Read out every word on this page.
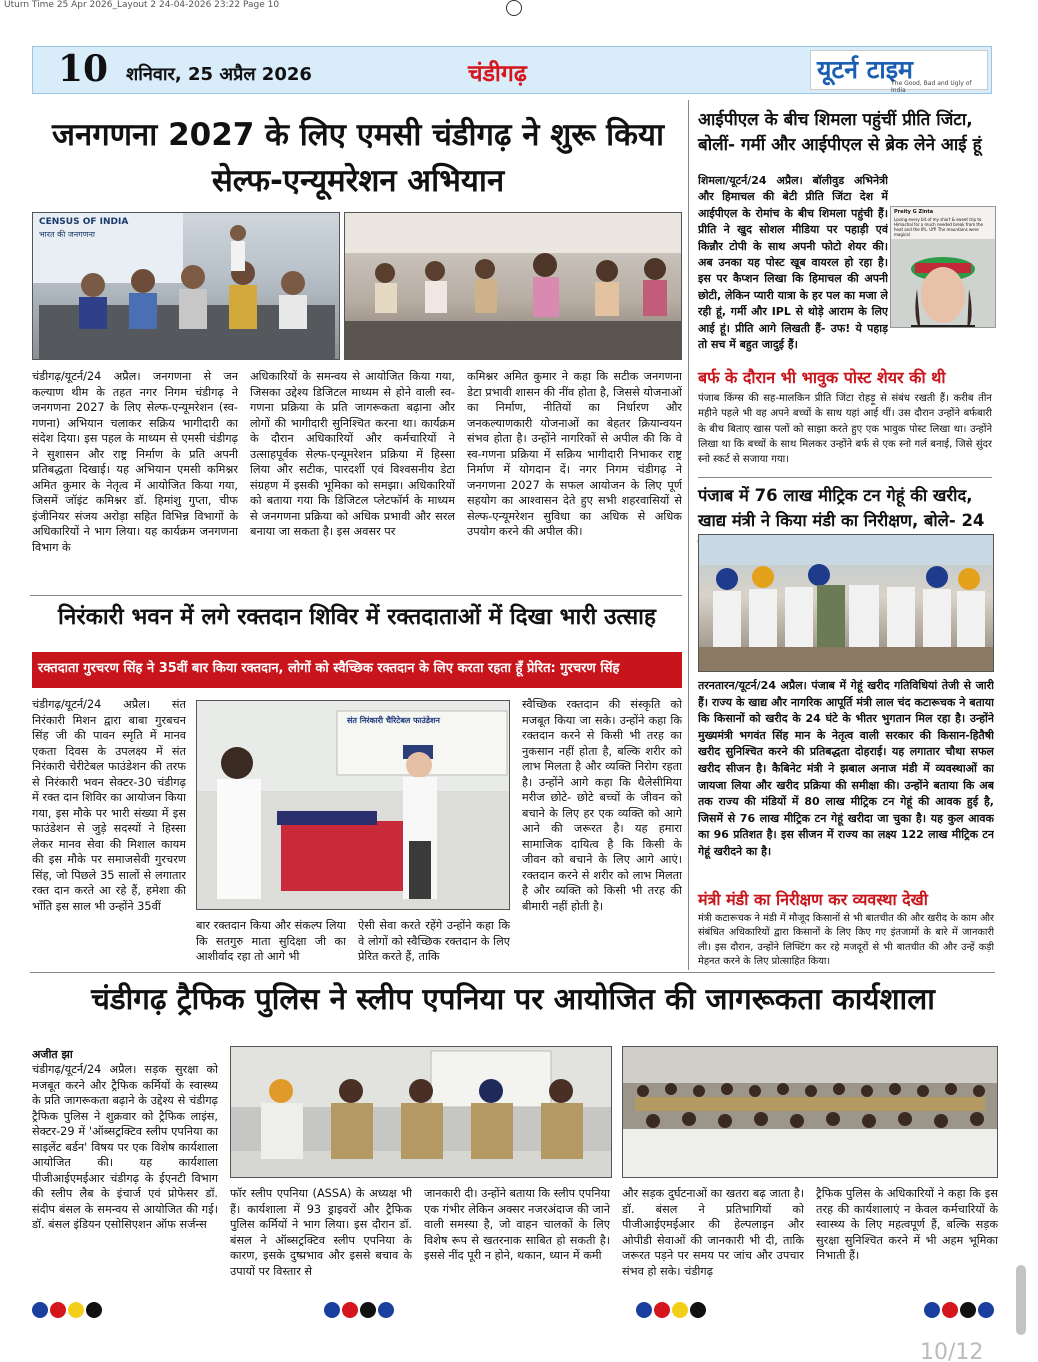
Uturn Time 25 Apr 2026_Layout 2 24-04-2026 23:22 Page 10
10 शनिवार, 25 अप्रैल 2026	चंडीगढ़	यूटर्न टाइम
The Good, Bad and Ugly of India
जनगणना 2027 के लिए एमसी चंडीगढ़ ने शुरू किया सेल्फ-एन्यूमरेशन अभियान
CENSUS OF INDIA
भारत की जनगणना
चंडीगढ़/यूटर्न/24 अप्रैल। जनगणना से जन कल्याण थीम के तहत नगर निगम चंडीगढ़ ने जनगणना 2027 के लिए सेल्फ-एन्यूमरेशन (स्व-गणना) अभियान चलाकर सक्रिय भागीदारी का संदेश दिया। इस पहल के माध्यम से एमसी चंडीगढ़ ने सुशासन और राष्ट्र निर्माण के प्रति अपनी प्रतिबद्धता दिखाई। यह अभियान एमसी कमिश्नर अमित कुमार के नेतृत्व में आयोजित किया गया, जिसमें जॉइंट कमिश्नर डॉ. हिमांशु गुप्ता, चीफ इंजीनियर संजय अरोड़ा सहित विभिन्न विभागों के अधिकारियों ने भाग लिया। यह कार्यक्रम जनगणना विभाग के
अधिकारियों के समन्वय से आयोजित किया गया, जिसका उद्देश्य डिजिटल माध्यम से होने वाली स्व-गणना प्रक्रिया के प्रति जागरूकता बढ़ाना और लोगों की भागीदारी सुनिश्चित करना था। कार्यक्रम के दौरान अधिकारियों और कर्मचारियों ने उत्साहपूर्वक सेल्फ-एन्यूमरेशन प्रक्रिया में हिस्सा लिया और सटीक, पारदर्शी एवं विश्वसनीय डेटा संग्रहण में इसकी भूमिका को समझा। अधिकारियों को बताया गया कि डिजिटल प्लेटफॉर्म के माध्यम से जनगणना प्रक्रिया को अधिक प्रभावी और सरल बनाया जा सकता है। इस अवसर पर
कमिश्नर अमित कुमार ने कहा कि सटीक जनगणना डेटा प्रभावी शासन की नींव होता है, जिससे योजनाओं का निर्माण, नीतियों का निर्धारण और जनकल्याणकारी योजनाओं का बेहतर क्रियान्वयन संभव होता है। उन्होंने नागरिकों से अपील की कि वे स्व-गणना प्रक्रिया में सक्रिय भागीदारी निभाकर राष्ट्र निर्माण में योगदान दें। नगर निगम चंडीगढ़ ने जनगणना 2027 के सफल आयोजन के लिए पूर्ण सहयोग का आश्वासन देते हुए सभी शहरवासियों से सेल्फ-एन्यूमरेशन सुविधा का अधिक से अधिक उपयोग करने की अपील की।
आईपीएल के बीच शिमला पहुंचीं प्रीति जिंटा, बोलीं- गर्मी और आईपीएल से ब्रेक लेने आई हूं
Preity G Zinta
Loving every bit of my short & sweet trip to Himachal for a much needed break from the heat and the IPL. Uff! The mountains were magical
शिमला/यूटर्न/24 अप्रैल। बॉलीवुड अभिनेत्री और हिमाचल की बेटी प्रीति जिंटा देश में आईपीएल के रोमांच के बीच शिमला पहुंची हैं। प्रीति ने खुद सोशल मीडिया पर पहाड़ी एवं किन्नौर टोपी के साथ अपनी फोटो शेयर की। अब उनका यह पोस्ट खूब वायरल हो रहा है। इस पर कैप्शन लिखा कि हिमाचल की अपनी छोटी, लेकिन प्यारी यात्रा के हर पल का मजा ले रही हूं, गर्मी और IPL से थोड़े आराम के लिए आई हूं। प्रीति आगे लिखती हैं- उफ! ये पहाड़ तो सच में बहुत जादुई हैं।
बर्फ के दौरान भी भावुक पोस्ट शेयर की थी
पंजाब किंग्स की सह-मालकिन प्रीति जिंटा रोहड़ू से संबंध रखती हैं। करीब तीन महीने पहले भी वह अपने बच्चों के साथ यहां आई थीं। उस दौरान उन्होंने बर्फबारी के बीच बिताए खास पलों को साझा करते हुए एक भावुक पोस्ट लिखा था। उन्होंने लिखा था कि बच्चों के साथ मिलकर उन्होंने बर्फ से एक स्नो गर्ल बनाई, जिसे सुंदर स्नो स्कर्ट से सजाया गया।
पंजाब में 76 लाख मीट्रिक टन गेहूं की खरीद, खाद्य मंत्री ने किया मंडी का निरीक्षण, बोले- 24
तरनतारन/यूटर्न/24 अप्रैल। पंजाब में गेहूं खरीद गतिविधियां तेजी से जारी हैं। राज्य के खाद्य और नागरिक आपूर्ति मंत्री लाल चंद कटारूचक ने बताया कि किसानों को खरीद के 24 घंटे के भीतर भुगतान मिल रहा है। उन्होंने मुख्यमंत्री भगवंत सिंह मान के नेतृत्व वाली सरकार की किसान-हितैषी खरीद सुनिश्चित करने की प्रतिबद्धता दोहराई। यह लगातार चौथा सफल खरीद सीजन है। कैबिनेट मंत्री ने झबाल अनाज मंडी में व्यवस्थाओं का जायजा लिया और खरीद प्रक्रिया की समीक्षा की। उन्होंने बताया कि अब तक राज्य की मंडियों में 80 लाख मीट्रिक टन गेहूं की आवक हुई है, जिसमें से 76 लाख मीट्रिक टन गेहूं खरीदा जा चुका है। यह कुल आवक का 96 प्रतिशत है। इस सीजन में राज्य का लक्ष्य 122 लाख मीट्रिक टन गेहूं खरीदने का है।
मंत्री मंडी का निरीक्षण कर व्यवस्था देखी
मंत्री कटारूचक ने मंडी में मौजूद किसानों से भी बातचीत की और खरीद के काम और संबंधित अधिकारियों द्वारा किसानों के लिए किए गए इंतजामों के बारे में जानकारी ली। इस दौरान, उन्होंने लिफ्टिंग कर रहे मजदूरों से भी बातचीत की और उन्हें कड़ी मेहनत करने के लिए प्रोत्साहित किया।
निरंकारी भवन में लगे रक्तदान शिविर में रक्तदाताओं में दिखा भारी उत्साह
रक्तदाता गुरचरण सिंह ने 35वीं बार किया रक्तदान, लोगों को स्वैच्छिक रक्तदान के लिए करता रहता हूँ प्रेरित: गुरचरण सिंह
चंडीगढ़/यूटर्न/24 अप्रैल। संत निरंकारी मिशन द्वारा बाबा गुरबचन सिंह जी की पावन स्मृति में मानव एकता दिवस के उपलक्ष्य में संत निरंकारी चेरीटेबल फाउंडेशन की तरफ से निरंकारी भवन सेक्टर-30 चंडीगढ़ में रक्त दान शिविर का आयोजन किया गया, इस मौके पर भारी संख्या में इस फाउंडेशन से जुड़े सदस्यों ने हिस्सा लेकर मानव सेवा की मिशाल कायम की इस मौके पर समाजसेवी गुरचरण सिंह, जो पिछले 35 सालों से लगातार रक्त दान करते आ रहे हैं, हमेशा की भाँति इस साल भी उन्होंने 35वीं
संत निरंकारी चैरिटेबल फाउंडेशन
बार रक्तदान किया और संकल्प लिया कि सतगुरु माता सुदिक्षा जी का आशीर्वाद रहा तो आगे भी
ऐसी सेवा करते रहेंगे उन्होंने कहा कि वे लोगों को स्वैच्छिक रक्तदान के लिए प्रेरित करते हैं, ताकि
स्वैच्छिक रक्तदान की संस्कृति को मजबूत किया जा सके। उन्होंने कहा कि रक्तदान करने से किसी भी तरह का नुकसान नहीं होता है, बल्कि शरीर को लाभ मिलता है और व्यक्ति निरोग रहता है। उन्होंने आगे कहा कि थैलेसीमिया मरीज छोटे- छोटे बच्चों के जीवन को बचाने के लिए हर एक व्यक्ति को आगे आने की जरूरत है। यह हमारा सामाजिक दायित्व है कि किसी के जीवन को बचाने के लिए आगे आएं। रक्तदान करने से शरीर को लाभ मिलता है और व्यक्ति को किसी भी तरह की बीमारी नहीं होती है।
चंडीगढ़ ट्रैफिक पुलिस ने स्लीप एपनिया पर आयोजित की जागरूकता कार्यशाला
अजीत झा
चंडीगढ़/यूटर्न/24 अप्रैल। सड़क सुरक्षा को मजबूत करने और ट्रैफिक कर्मियों के स्वास्थ्य के प्रति जागरूकता बढ़ाने के उद्देश्य से चंडीगढ़ ट्रैफिक पुलिस ने शुक्रवार को ट्रैफिक लाइंस, सेक्टर-29 में 'ऑब्सट्रक्टिव स्लीप एपनिया का साइलेंट बर्डन' विषय पर एक विशेष कार्यशाला आयोजित की। यह कार्यशाला पीजीआईएमईआर चंडीगढ़ के ईएनटी विभाग की स्लीप लैब के इंचार्ज एवं प्रोफेसर डॉ. संदीप बंसल के समन्वय से आयोजित की गई। डॉ. बंसल इंडियन एसोसिएशन ऑफ सर्जन्स
फॉर स्लीप एपनिया (ASSA) के अध्यक्ष भी हैं। कार्यशाला में 93 ड्राइवरों और ट्रैफिक पुलिस कर्मियों ने भाग लिया। इस दौरान डॉ. बंसल ने ऑब्सट्रक्टिव स्लीप एपनिया के कारण, इसके दुष्प्रभाव और इससे बचाव के उपायों पर विस्तार से
जानकारी दी। उन्होंने बताया कि स्लीप एपनिया एक गंभीर लेकिन अक्सर नजरअंदाज की जाने वाली समस्या है, जो वाहन चालकों के लिए विशेष रूप से खतरनाक साबित हो सकती है। इससे नींद पूरी न होने, थकान, ध्यान में कमी
और सड़क दुर्घटनाओं का खतरा बढ़ जाता है। डॉ. बंसल ने प्रतिभागियों को पीजीआईएमईआर की हेल्पलाइन और ओपीडी सेवाओं की जानकारी भी दी, ताकि जरूरत पड़ने पर समय पर जांच और उपचार संभव हो सके। चंडीगढ़
ट्रैफिक पुलिस के अधिकारियों ने कहा कि इस तरह की कार्यशालाएं न केवल कर्मचारियों के स्वास्थ्य के लिए महत्वपूर्ण हैं, बल्कि सड़क सुरक्षा सुनिश्चित करने में भी अहम भूमिका निभाती हैं।
10/12
